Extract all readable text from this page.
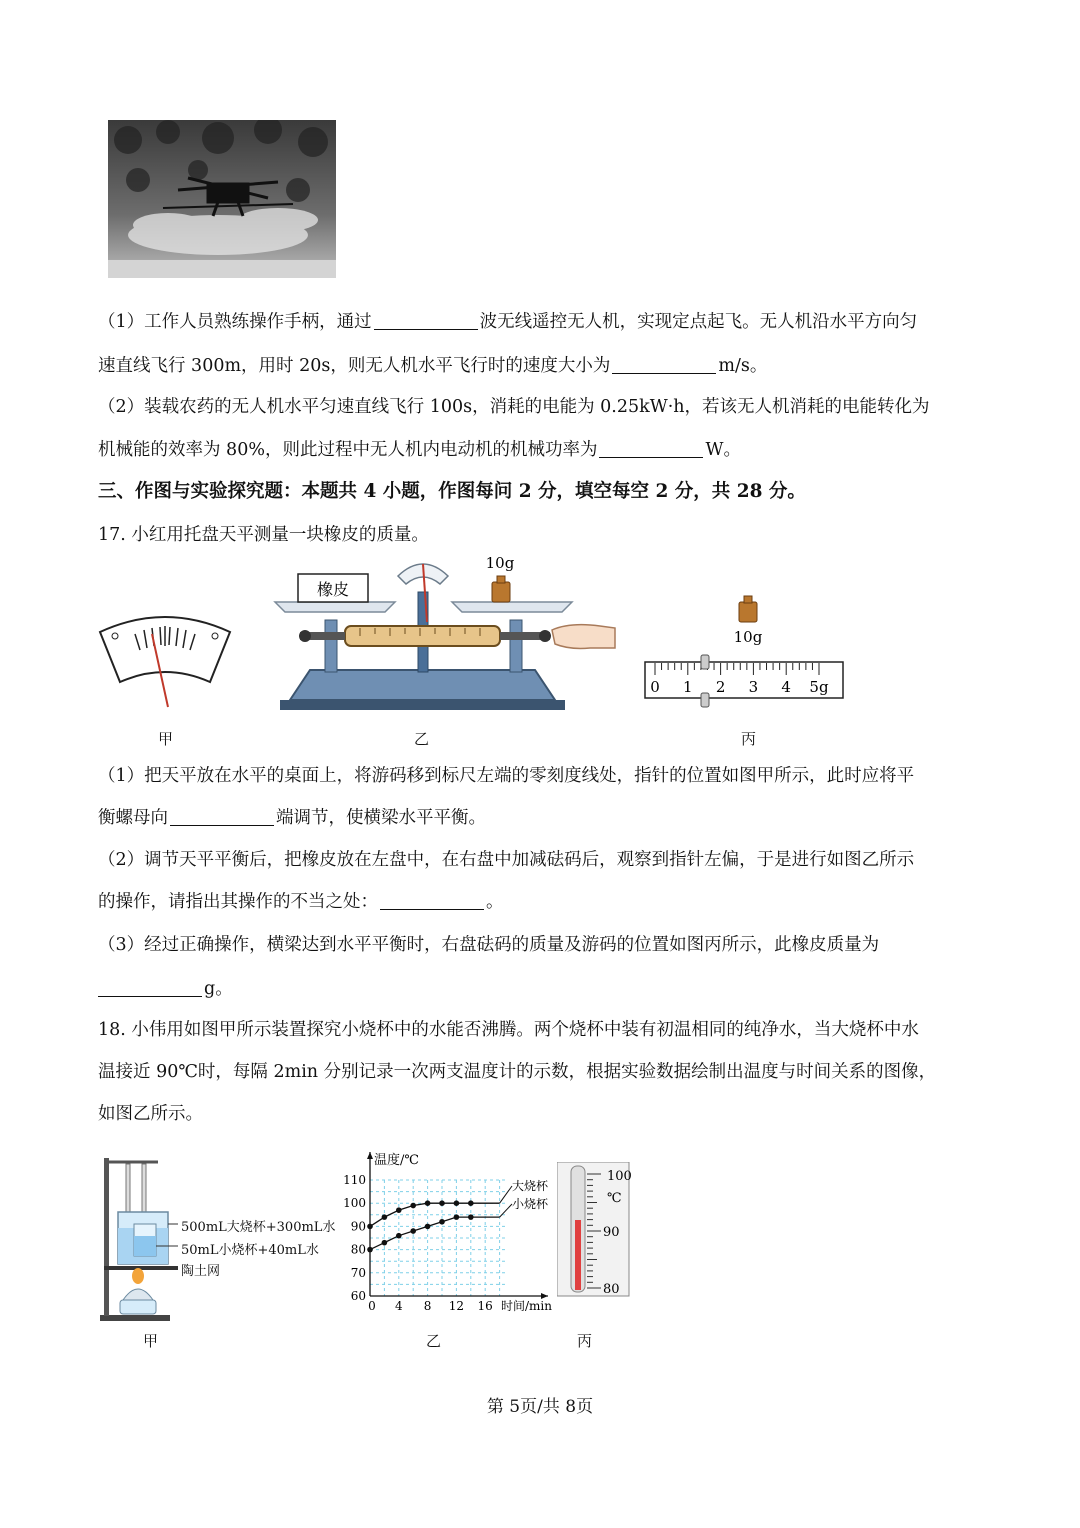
（1）工作人员熟练操作手柄，通过	波无线遥控无人机，实现定点起飞。无人机沿水平方向匀
速直线飞行 300m，用时 20s，则无人机水平飞行时的速度大小为	m/s。
（2）装载农药的无人机水平匀速直线飞行 100s，消耗的电能为 0.25kW·h，若该无人机消耗的电能转化为
机械能的效率为 80%，则此过程中无人机内电动机的机械功率为	W。
三、作图与实验探究题：本题共 4 小题，作图每问 2 分，填空每空 2 分，共 28 分。
17. 小红用托盘天平测量一块橡皮的质量。
橡皮
10g
10g
0 1 2 3 4 5g
甲	乙	丙
（1）把天平放在水平的桌面上，将游码移到标尺左端的零刻度线处，指针的位置如图甲所示，此时应将平
衡螺母向	端调节，使横梁水平平衡。
（2）调节天平平衡后，把橡皮放在左盘中，在右盘中加减砝码后，观察到指针左偏，于是进行如图乙所示
的操作，请指出其操作的不当之处：	。
（3）经过正确操作，横梁达到水平平衡时，右盘砝码的质量及游码的位置如图丙所示，此橡皮质量为
g。
18. 小伟用如图甲所示装置探究小烧杯中的水能否沸腾。两个烧杯中装有初温相同的纯净水，当大烧杯中水
温接近 90℃时，每隔 2min 分别记录一次两支温度计的示数，根据实验数据绘制出温度与时间关系的图像，
如图乙所示。
500mL大烧杯+300mL水
50mL小烧杯+40mL水
陶土网
60
70
80
90
100
110
0 4 8 12 16
温度/℃
时间/min
大烧杯
小烧杯
100
℃
90
80
甲	乙	丙
第 5页/共 8页
